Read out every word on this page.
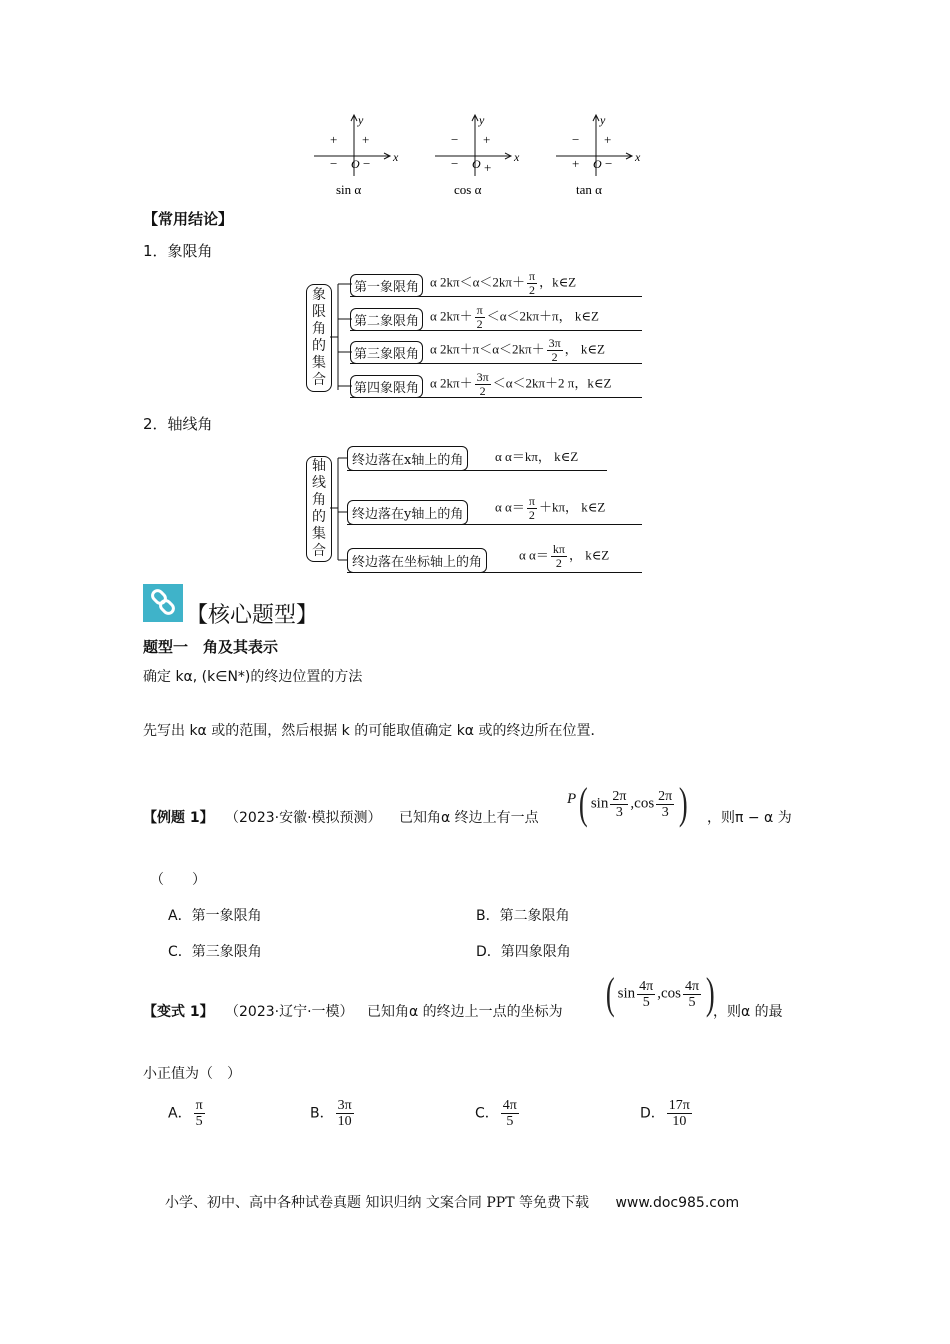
y
x
O
+
+
− −
sin α
y
x
O
+
−
− +
cos α
y
x
O
+
−
+ −
tan α
【常用结论】
1．象限角
象
限
角
的
集
合
第一象限角 α $2k\pi<\alpha<2k\pi+ \frac{\pi}{2}$ ，k∈Z
第二象限角 α $2k\pi+ \frac{\pi}{2} <\alpha<2k\pi+\pi$， k∈Z
第三象限角 α $2k\pi+\pi<\alpha<2k\pi+ \frac{3\pi}{2}$ ， k∈Z
第四象限角 α $2k\pi+ \frac{3\pi}{2} <\alpha<2k\pi+2$ π，k∈Z
2．轴线角
轴
线
角
的
集
合
终边落在x轴上的角	α α＝kπ， k∈Z
终边落在y轴上的角
α $\alpha= \frac{\pi}{2} +k\pi$， k∈Z
终边落在坐标轴上的角
α $\alpha= \frac{k\pi}{2}$ ， k∈Z
【核心题型】
题型一　角及其表示
确定 kα, (k∈N*)的终边位置的方法
先写出 kα 或的范围，然后根据 k 的可能取值确定 kα 或的终边所在位置．
【例题 1】 （2023·安徽·模拟预测） 已知角α 终边上有一点
P( $\sin \frac{2\pi}{3} ,\cos \frac{2\pi}{3}$ ) ，则π − α 为
（　　）
A．第一象限角	B．第二象限角
C．第三象限角	D．第四象限角
【变式 1】 （2023·辽宁·一模） 已知角α 的终边上一点的坐标为 ( $\sin \frac{4\pi}{5} ,\cos \frac{4\pi}{5}$ )
，则α 的最
小正值为（　）
A． $\frac{\pi}{5}$	B． $\frac{3\pi}{10}$	C． $\frac{4\pi}{5}$	D． $\frac{17\pi}{10}$
小学、初中、高中各种试卷真题 知识归纳 文案合同 PPT 等免费下载 www.doc985.com
